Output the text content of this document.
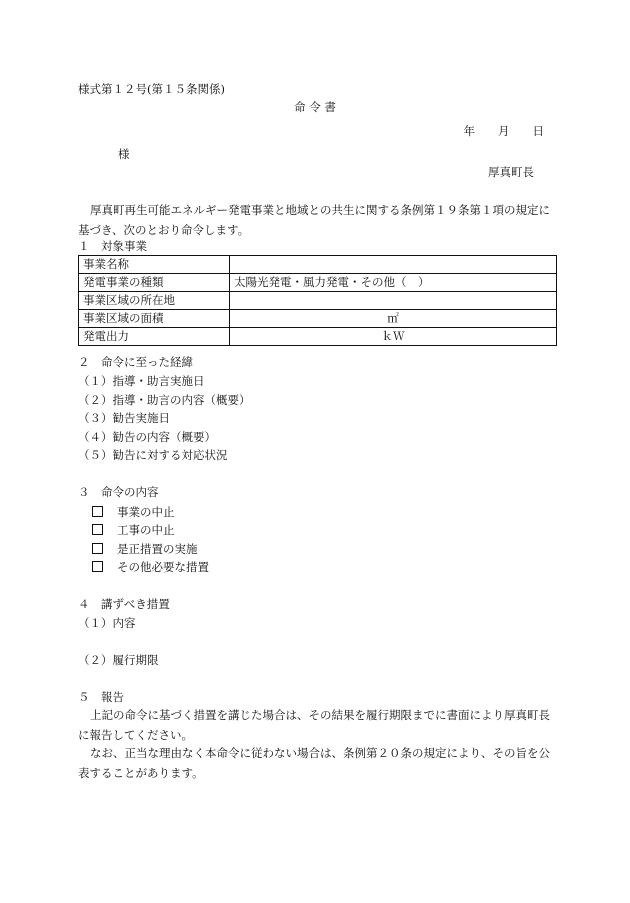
様式第１２号(第１５条関係)
命 令 書
年　　月　　日
様
厚真町長
厚真町再生可能エネルギー発電事業と地域との共生に関する条例第１９条第１項の規定に基づき、次のとおり命令します。
１　対象事業
事業名称	
発電事業の種類	太陽光発電・風力発電・その他（　）
事業区域の所在地	
事業区域の面積	㎡
発電出力	ｋＷ
２　命令に至った経緯
（１）指導・助言実施日
（２）指導・助言の内容（概要）
（３）勧告実施日
（４）勧告の内容（概要）
（５）勧告に対する対応状況
３　命令の内容
事業の中止
工事の中止
是正措置の実施
その他必要な措置
４　講ずべき措置
（１）内容
（２）履行期限
５　報告
上記の命令に基づく措置を講じた場合は、その結果を履行期限までに書面により厚真町長に報告してください。
なお、正当な理由なく本命令に従わない場合は、条例第２０条の規定により、その旨を公表することがあります。
